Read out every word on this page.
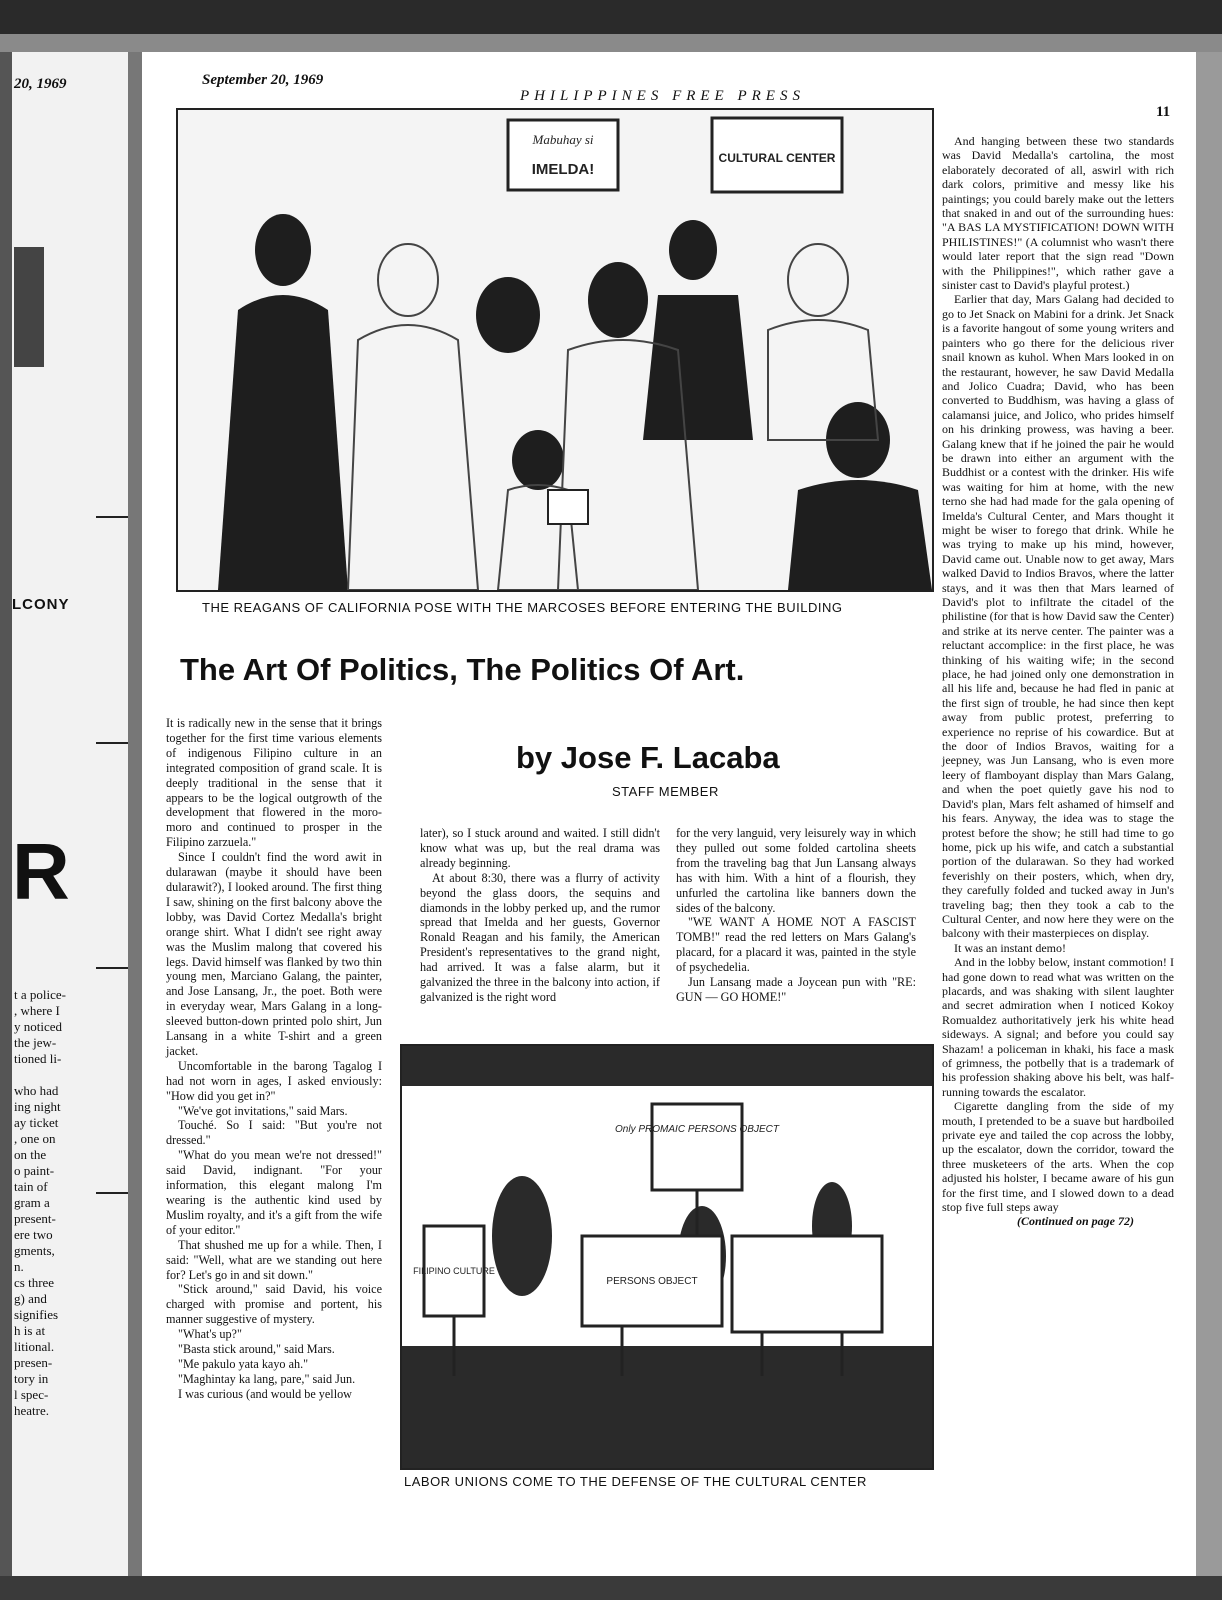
20, 1969
LCONY
R
t a police-
, where I
y noticed
the jew-
tioned li-

who had
ing night
ay ticket
, one on
on the
o paint-
tain of
gram a
present-
ere two
gments,
n.
cs three
g) and
signifies
h is at
litional.
presen-
tory in
l spec-
heatre.
September 20, 1969
PHILIPPINES FREE PRESS
11
Mabuhay si
IMELDA!
CULTURAL CENTER
THE REAGANS OF CALIFORNIA POSE WITH THE MARCOSES BEFORE ENTERING THE BUILDING
The Art Of Politics, The Politics Of Art.
by Jose F. Lacaba
STAFF MEMBER

It is radically new in the sense that it brings together for the first time various elements of indigenous Filipino culture in an integrated composition of grand scale. It is deeply traditional in the sense that it appears to be the logical outgrowth of the development that flowered in the moro-moro and continued to prosper in the Filipino zarzuela."

Since I couldn't find the word awit in dularawan (maybe it should have been dularawit?), I looked around. The first thing I saw, shining on the first balcony above the lobby, was David Cortez Medalla's bright orange shirt. What I didn't see right away was the Muslim malong that covered his legs. David himself was flanked by two thin young men, Marciano Galang, the painter, and Jose Lansang, Jr., the poet. Both were in everyday wear, Mars Galang in a long-sleeved button-down printed polo shirt, Jun Lansang in a white T-shirt and a green jacket.

Uncomfortable in the barong Tagalog I had not worn in ages, I asked enviously: "How did you get in?"

"We've got invitations," said Mars.

Touché. So I said: "But you're not dressed."

"What do you mean we're not dressed!" said David, indignant. "For your information, this elegant malong I'm wearing is the authentic kind used by Muslim royalty, and it's a gift from the wife of your editor."

That shushed me up for a while. Then, I said: "Well, what are we standing out here for? Let's go in and sit down."

"Stick around," said David, his voice charged with promise and portent, his manner suggestive of mystery.

"What's up?"

"Basta stick around," said Mars.

"Me pakulo yata kayo ah."

"Maghintay ka lang, pare," said Jun.

I was curious (and would be yellow

later), so I stuck around and waited. I still didn't know what was up, but the real drama was already beginning.

At about 8:30, there was a flurry of activity beyond the glass doors, the sequins and diamonds in the lobby perked up, and the rumor spread that Imelda and her guests, Governor Ronald Reagan and his family, the American President's representatives to the grand night, had arrived. It was a false alarm, but it galvanized the three in the balcony into action, if galvanized is the right word

for the very languid, very leisurely way in which they pulled out some folded cartolina sheets from the traveling bag that Jun Lansang always has with him. With a hint of a flourish, they unfurled the cartolina like banners down the sides of the balcony.

"WE WANT A HOME NOT A FASCIST TOMB!" read the red letters on Mars Galang's placard, for a placard it was, painted in the style of psychedelia.

Jun Lansang made a Joycean pun with "RE: GUN — GO HOME!"

And hanging between these two standards was David Medalla's cartolina, the most elaborately decorated of all, aswirl with rich dark colors, primitive and messy like his paintings; you could barely make out the letters that snaked in and out of the surrounding hues: "A BAS LA MYSTIFICATION! DOWN WITH PHILISTINES!" (A columnist who wasn't there would later report that the sign read "Down with the Philippines!", which rather gave a sinister cast to David's playful protest.)

Earlier that day, Mars Galang had decided to go to Jet Snack on Mabini for a drink. Jet Snack is a favorite hangout of some young writers and painters who go there for the delicious river snail known as kuhol. When Mars looked in on the restaurant, however, he saw David Medalla and Jolico Cuadra; David, who has been converted to Buddhism, was having a glass of calamansi juice, and Jolico, who prides himself on his drinking prowess, was having a beer. Galang knew that if he joined the pair he would be drawn into either an argument with the Buddhist or a contest with the drinker. His wife was waiting for him at home, with the new terno she had had made for the gala opening of Imelda's Cultural Center, and Mars thought it might be wiser to forego that drink. While he was trying to make up his mind, however, David came out. Unable now to get away, Mars walked David to Indios Bravos, where the latter stays, and it was then that Mars learned of David's plot to infiltrate the citadel of the philistine (for that is how David saw the Center) and strike at its nerve center. The painter was a reluctant accomplice: in the first place, he was thinking of his waiting wife; in the second place, he had joined only one demonstration in all his life and, because he had fled in panic at the first sign of trouble, he had since then kept away from public protest, preferring to experience no reprise of his cowardice. But at the door of Indios Bravos, waiting for a jeepney, was Jun Lansang, who is even more leery of flamboyant display than Mars Galang, and when the poet quietly gave his nod to David's plan, Mars felt ashamed of himself and his fears. Anyway, the idea was to stage the protest before the show; he still had time to go home, pick up his wife, and catch a substantial portion of the dularawan. So they had worked feverishly on their posters, which, when dry, they carefully folded and tucked away in Jun's traveling bag; then they took a cab to the Cultural Center, and now here they were on the balcony with their masterpieces on display.

It was an instant demo!

And in the lobby below, instant commotion! I had gone down to read what was written on the placards, and was shaking with silent laughter and secret admiration when I noticed Kokoy Romualdez authoritatively jerk his white head sideways. A signal; and before you could say Shazam! a policeman in khaki, his face a mask of grimness, the potbelly that is a trademark of his profession shaking above his belt, was half-running towards the escalator.

Cigarette dangling from the side of my mouth, I pretended to be a suave but hardboiled private eye and tailed the cop across the lobby, up the escalator, down the corridor, toward the three musketeers of the arts. When the cop adjusted his holster, I became aware of his gun for the first time, and I slowed down to a dead stop five full steps away

(Continued on page 72)

Only PROMAIC PERSONS OBJECT
PERSONS OBJECT
FILIPINO CULTURE
LABOR UNIONS COME TO THE DEFENSE OF THE CULTURAL CENTER
